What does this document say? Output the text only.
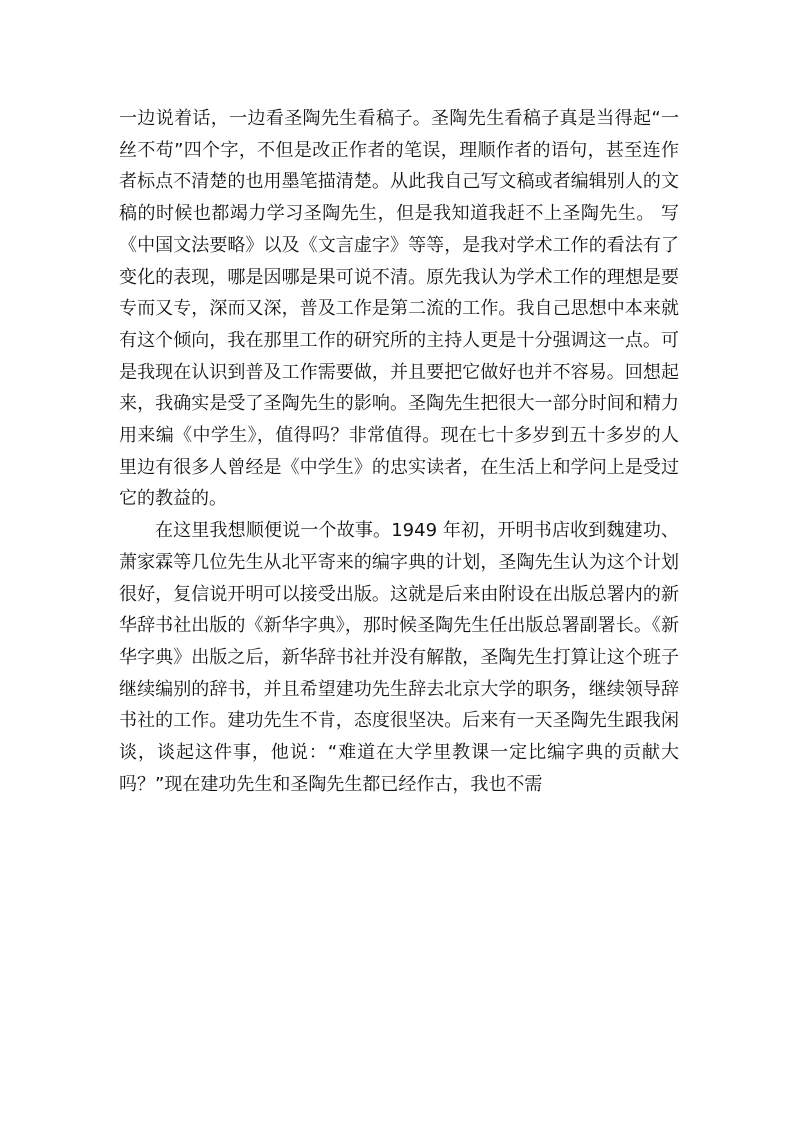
一边说着话，一边看圣陶先生看稿子。圣陶先生看稿子真是当得起“一丝不苟”四个字，不但是改正作者的笔误，理顺作者的语句，甚至连作者标点不清楚的也用墨笔描清楚。从此我自己写文稿或者编辑别人的文稿的时候也都竭力学习圣陶先生，但是我知道我赶不上圣陶先生。 写《中国文法要略》以及《文言虚字》等等，是我对学术工作的看法有了变化的表现，哪是因哪是果可说不清。原先我认为学术工作的理想是要专而又专，深而又深，普及工作是第二流的工作。我自己思想中本来就有这个倾向，我在那里工作的研究所的主持人更是十分强调这一点。可是我现在认识到普及工作需要做，并且要把它做好也并不容易。回想起来，我确实是受了圣陶先生的影响。圣陶先生把很大一部分时间和精力用来编《中学生》，值得吗？非常值得。现在七十多岁到五十多岁的人里边有很多人曾经是《中学生》的忠实读者，在生活上和学问上是受过它的教益的。

在这里我想顺便说一个故事。1949 年初，开明书店收到魏建功、萧家霖等几位先生从北平寄来的编字典的计划，圣陶先生认为这个计划很好，复信说开明可以接受出版。这就是后来由附设在出版总署内的新华辞书社出版的《新华字典》，那时候圣陶先生任出版总署副署长。《新华字典》出版之后，新华辞书社并没有解散，圣陶先生打算让这个班子继续编别的辞书，并且希望建功先生辞去北京大学的职务，继续领导辞书社的工作。建功先生不肯，态度很坚决。后来有一天圣陶先生跟我闲谈，谈起这件事，他说：“难道在大学里教课一定比编字典的贡献大吗？”现在建功先生和圣陶先生都已经作古，我也不需
